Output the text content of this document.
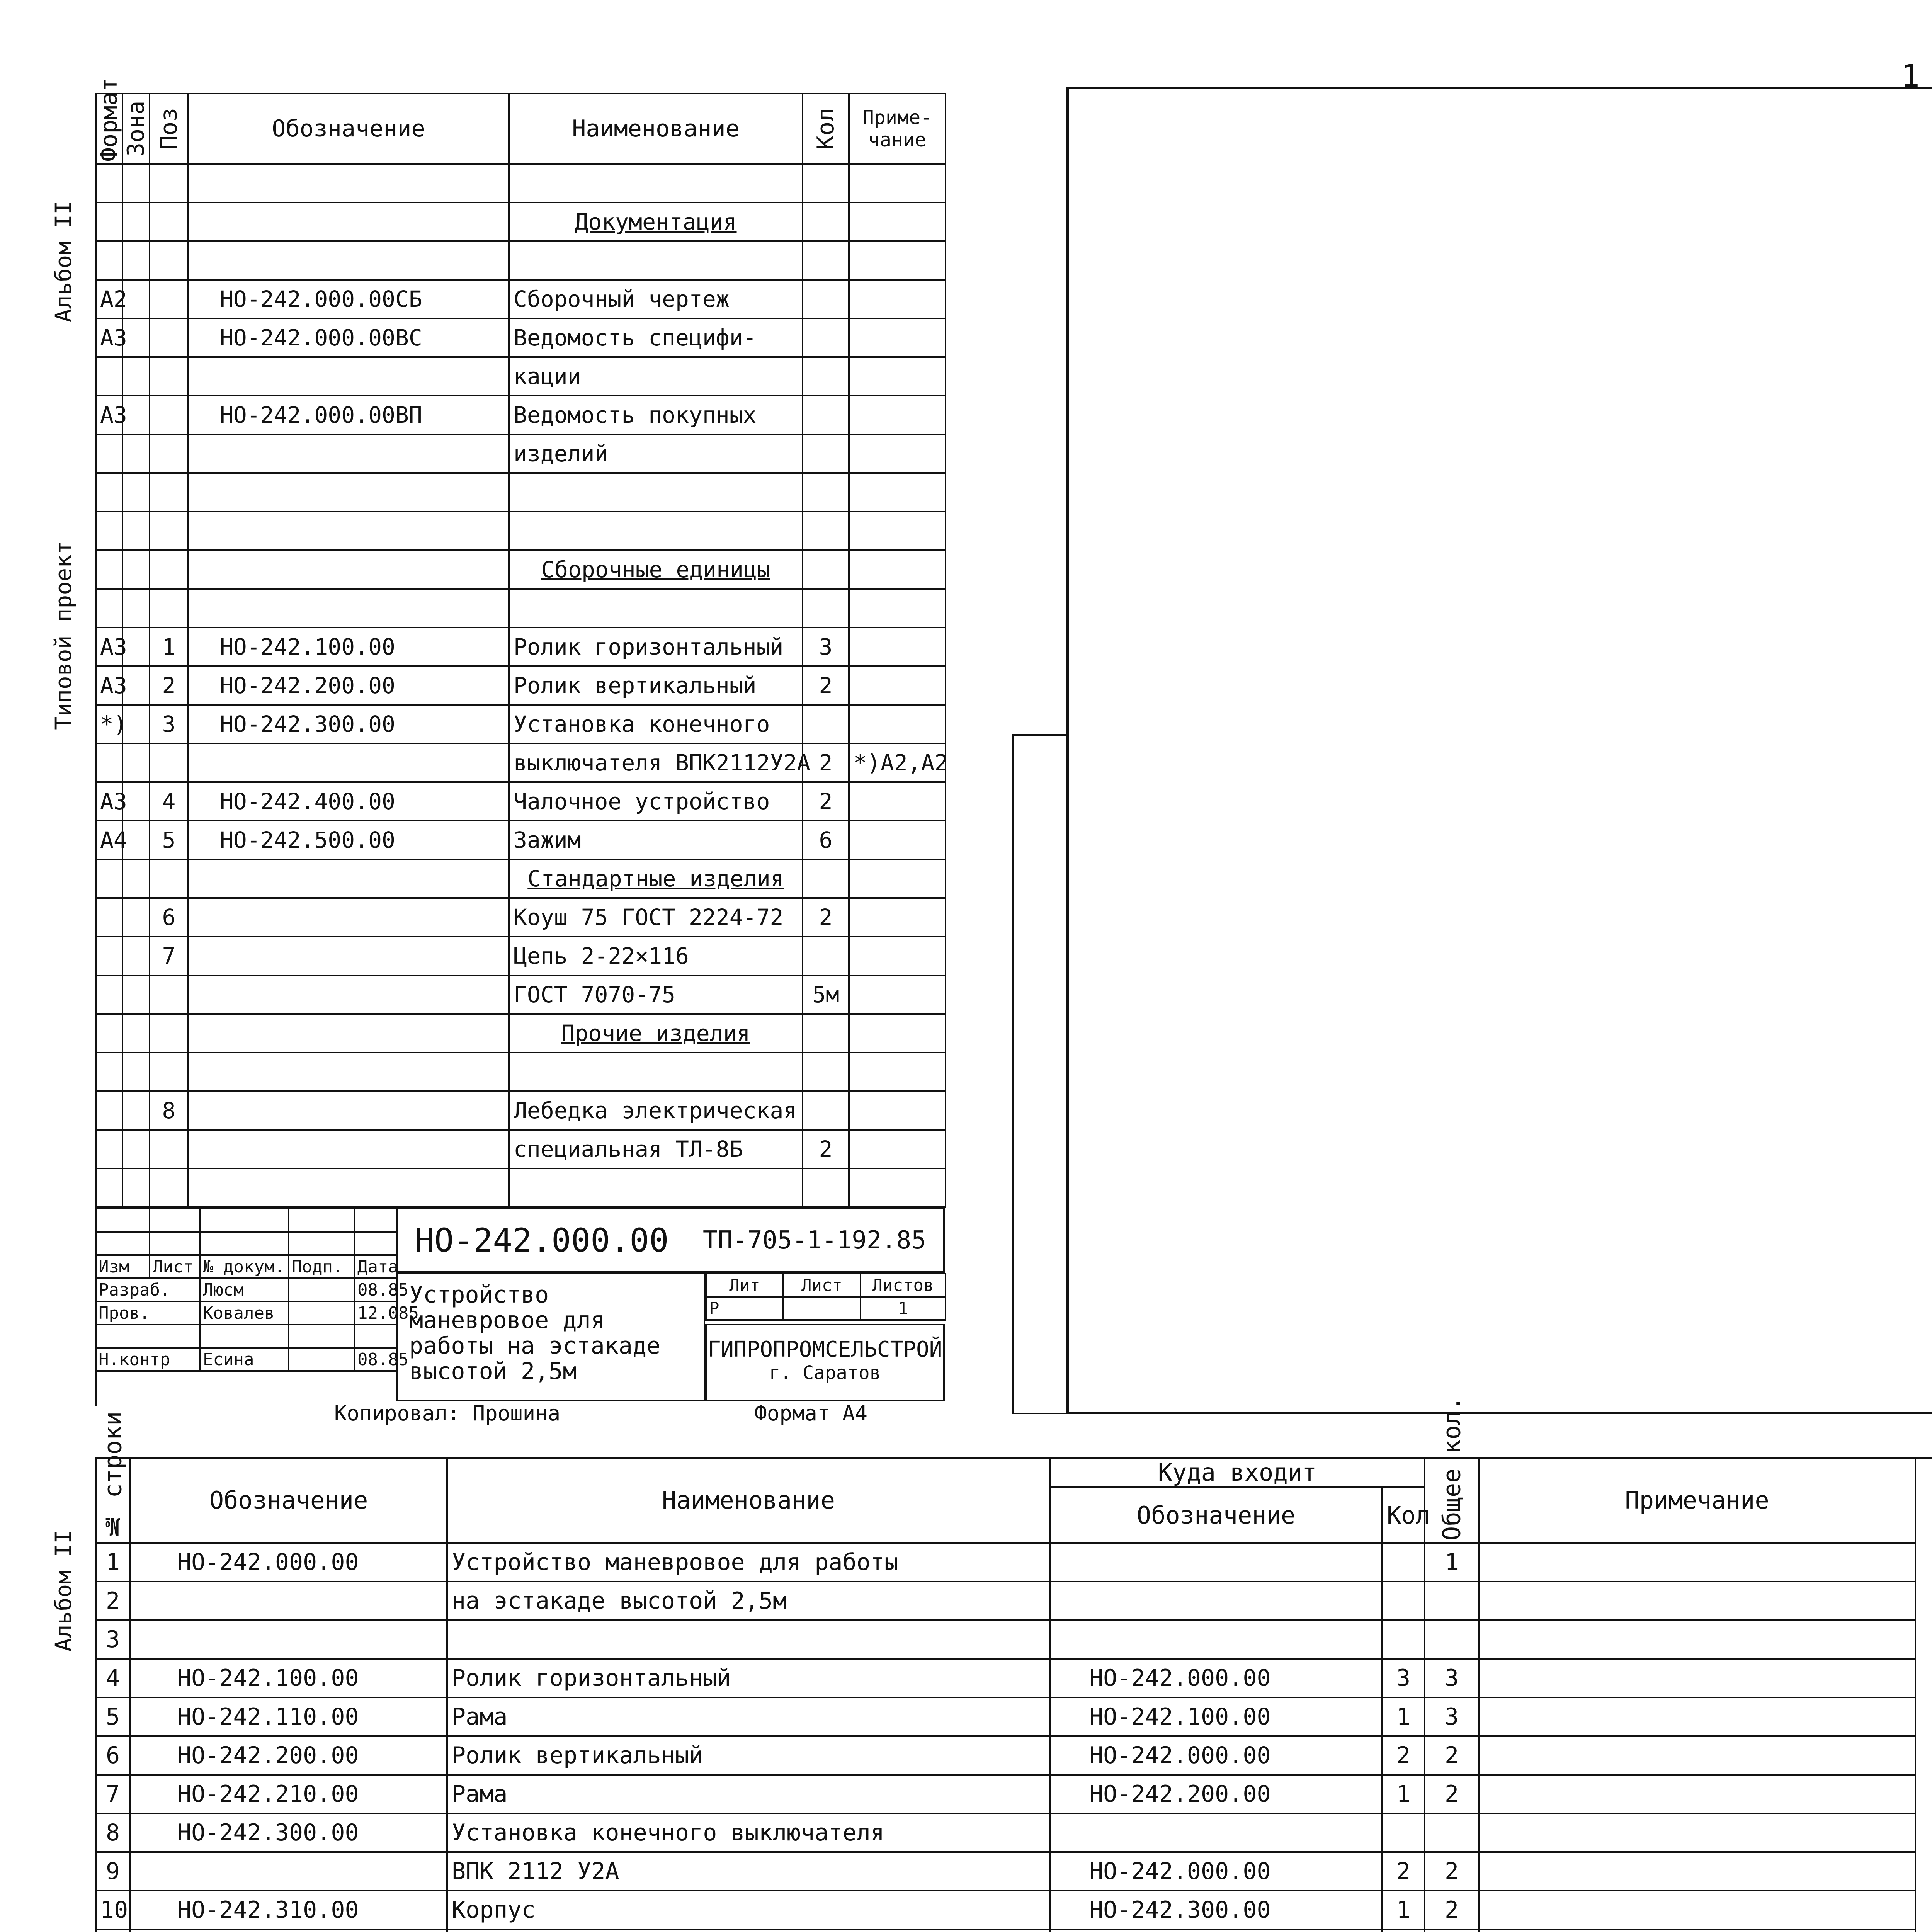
1
Альбом II
Типовой проект
Альбом II
Формат	Зона	Поз	Обозначение	Наименование	Кол	Приме-чание

				Документация		

А2			НО-242.000.00СБ	Сборочный чертеж		
А3			НО-242.000.00ВС	Ведомость специфи-		
				кации		
А3			НО-242.000.00ВП	Ведомость покупных		
				изделий		

				Сборочные единицы		

А3		1	НО-242.100.00	Ролик горизонтальный	3	
А3		2	НО-242.200.00	Ролик вертикальный	2	
*)		3	НО-242.300.00	Установка конечного		
				выключателя ВПК2112У2А	2	*)А2,А2
А3		4	НО-242.400.00	Чалочное устройство	2	
А4		5	НО-242.500.00	Зажим	6	
				Стандартные изделия		
		6		Коуш 75 ГОСТ 2224-72	2	
		7		Цепь 2-22×116		
				ГОСТ 7070-75	5м	
				Прочие изделия		

		8		Лебедка электрическая		
				специальная ТЛ-8Б	2	

Изм	Лист	№ докум.	Подп.	Дата
Разраб.		Люсм		08.85
Пров.		Ковалев		12.085

Н.контр		Есина		08.85
НО-242.000.00 ТП-705-1-192.85
Устройство маневровое для работы на эстакаде высотой 2,5м
Лит	Лист	Листов
Р		1
ГИПРОПРОМСЕЛЬСТРОЙ
г. Саратов
Копировал: Прошина	Формат А4
№ строки	Обозначение	Наименование	Куда входит		Общее кол.	Примечание
			Обозначение	Кол		
1	НО-242.000.00	Устройство маневровое для работы			1	
2		на эстакаде высотой 2,5м				
3						
4	НО-242.100.00	Ролик горизонтальный	НО-242.000.00	3	3	
5	НО-242.110.00	Рама	НО-242.100.00	1	3	
6	НО-242.200.00	Ролик вертикальный	НО-242.000.00	2	2	
7	НО-242.210.00	Рама	НО-242.200.00	1	2	
8	НО-242.300.00	Установка конечного выключателя				
9		ВПК 2112 У2А	НО-242.000.00	2	2	
10	НО-242.310.00	Корпус	НО-242.300.00	1	2	
